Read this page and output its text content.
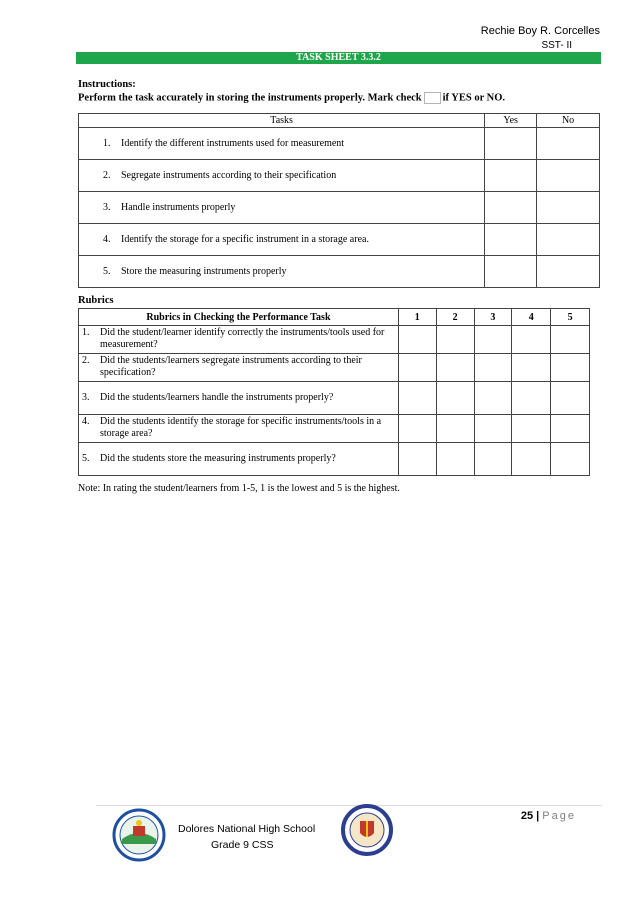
Rechie Boy R. Corcelles
SST- II
TASK SHEET 3.3.2
Instructions:
Perform the task accurately in storing the instruments properly. Mark check if YES or NO.
Tasks	Yes	No
1. Identify the different instruments used for measurement		
2. Segregate instruments according to their specification		
3. Handle instruments properly		
4. Identify the storage for a specific instrument in a storage area.		
5. Store the measuring instruments properly		
Rubrics
Rubrics in Checking the Performance Task	1	2	3	4	5
1. Did the student/learner identify correctly the instruments/tools used for measurement?					
2. Did the students/learners segregate instruments according to their specification?					
3. Did the students/learners handle the instruments properly?					
4. Did the students identify the storage for specific instruments/tools in a storage area?					
5. Did the students store the measuring instruments properly?					
Note: In rating the student/learners from 1-5, 1 is the lowest and 5 is the highest.
25 | Page
Dolores National High School
Grade 9 CSS
